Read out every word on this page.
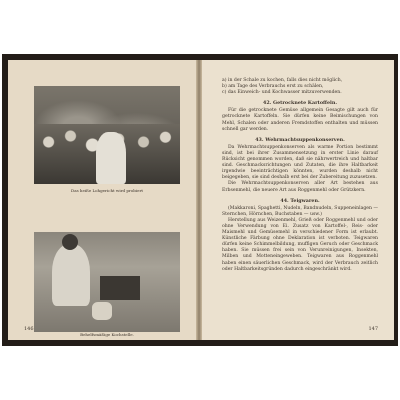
Das heiße Lohgericht wird probiert
Behelfsmäßige Kochstelle.
146

a) in der Schale zu kochen, falls dies nicht möglich,

b) am Tage des Verbrauchs erst zu schälen,

c) das Einweich- und Kochwasser mitzuverwenden.

42. Getrocknete Kartoffeln.

Für die getrocknete Gemüse allgemein Gesagte gilt auch für getrocknete Kartoffeln. Sie dürfen keine Beimischungen von Mehl, Schalen oder anderen Fremdstoffen enthalten und müssen schnell gar werden.

43. Wehrmachtsuppenkonserven.

Da Wehrmachtsuppenkonserven als warme Portion bestimmt sind, ist bei ihrer Zusammensetzung in erster Linie darauf Rücksicht genommen worden, daß sie nährwertreich und haltbar sind. Geschmacksrichtungen und Zutaten, die ihre Haltbarkeit irgendwie beeinträchtigen könnten, wurden deshalb nicht beigegeben, sie sind deshalb erst bei der Zubereitung zuzusetzen.

Die Wehrmachtsuppenkonserven aller Art bestehen aus Erbsenmehl, die neuere Art aus Roggenmehl oder Grützkern.

44. Teigwaren.

(Makkaroni, Spaghetti, Nudeln, Bandnudeln, Suppeneinlagen — Sternchen, Hörnchen, Buchstaben — usw.)

Herstellung aus Weizenmehl, Grieß oder Roggenmehl und oder ohne Verwendung von Ei. Zusatz von Kartoffel-, Reis- oder Maismehl und Gemüsemehl in verschiedener Form ist erlaubt. Künstliche Färbung ohne Deklaration ist verboten. Teigwaren dürfen keine Schimmelbildung, muffigen Geruch oder Geschmack haben. Sie müssen frei sein von Verunreinigungen, Insekten, Milben und Motteneingeweben. Teigwaren aus Roggenmehl haben einen säuerlichen Geschmack, wird der Verbrauch zeitlich oder Haltbarkeitsgründen dadurch eingeschränkt wird.

147
